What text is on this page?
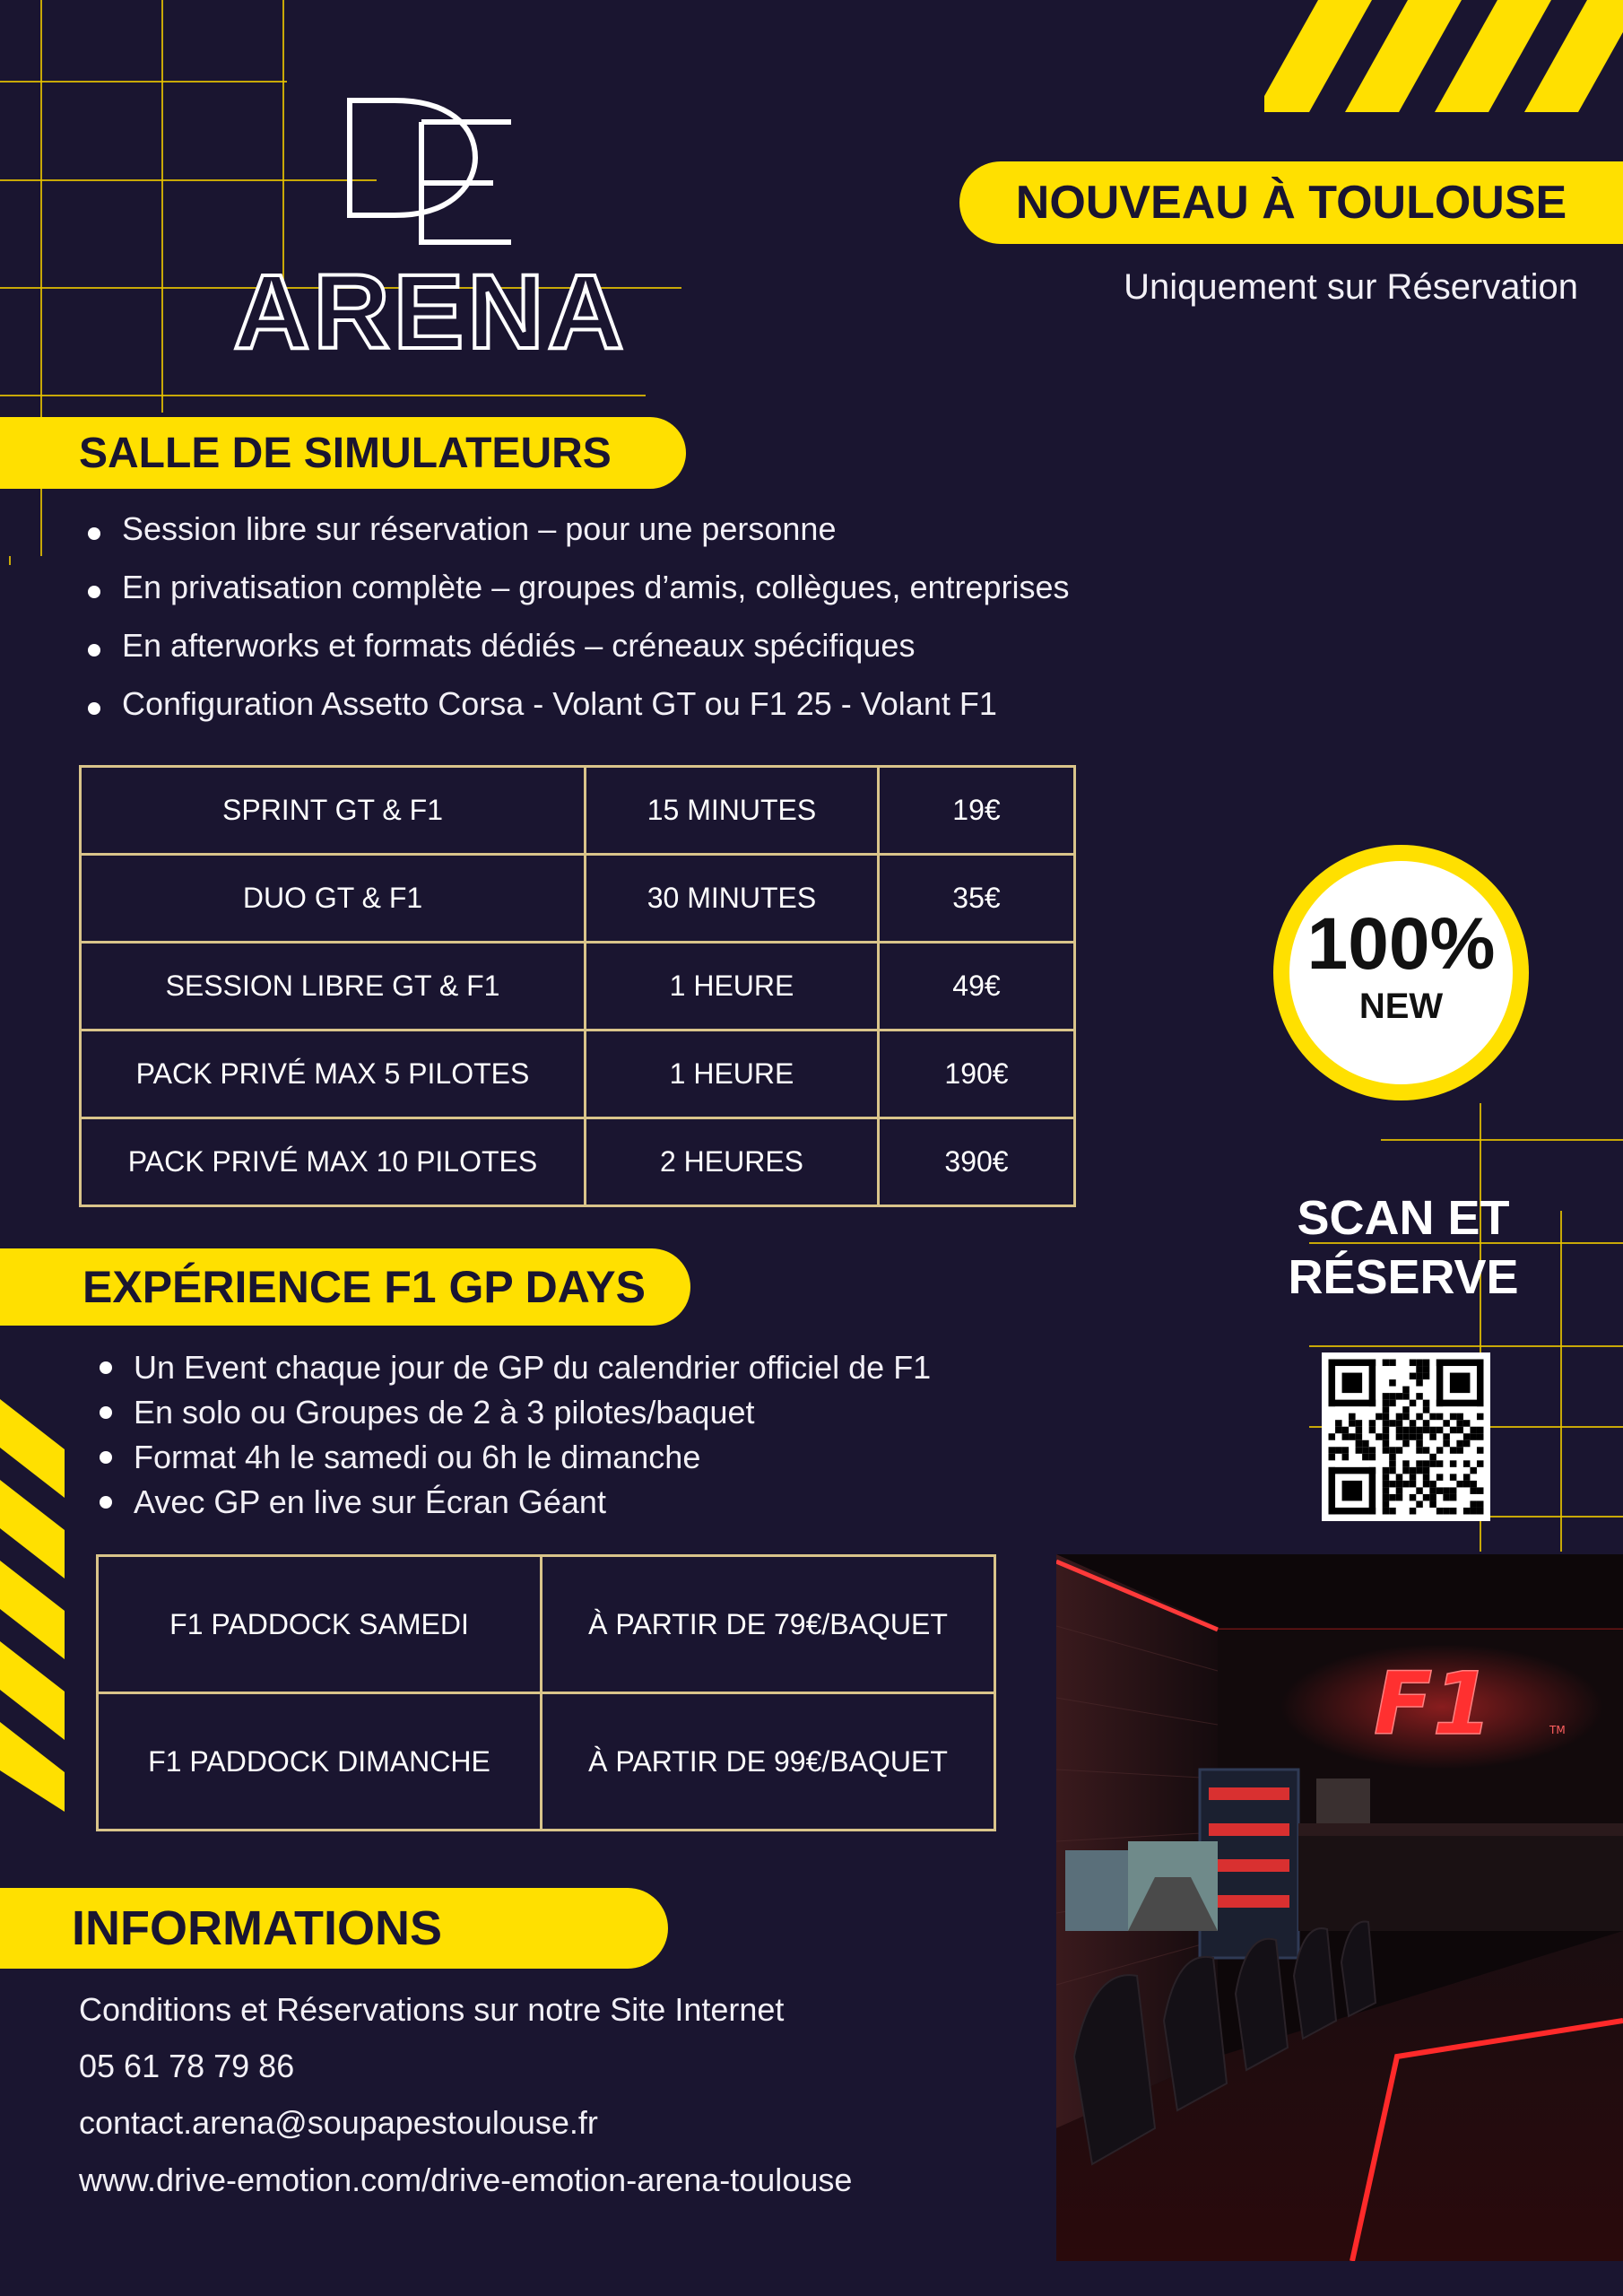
ARENA
NOUVEAU À TOULOUSE
Uniquement sur Réservation
SALLE DE SIMULATEURS
Session libre sur réservation – pour une personne
En privatisation complète – groupes d’amis, collègues, entreprises
En afterworks et formats dédiés – créneaux spécifiques
Configuration Assetto Corsa - Volant GT ou F1 25 - Volant F1
SPRINT GT & F1	15 MINUTES	19€
DUO GT & F1	30 MINUTES	35€
SESSION LIBRE GT & F1	1 HEURE	49€
PACK PRIVÉ MAX 5 PILOTES	1 HEURE	190€
PACK PRIVÉ MAX 10 PILOTES	2 HEURES	390€
100%
NEW
SCAN ET
RÉSERVE
EXPÉRIENCE F1 GP DAYS
Un Event chaque jour de GP du calendrier officiel de F1
En solo ou Groupes de 2 à 3 pilotes/baquet
Format 4h le samedi ou 6h le dimanche
Avec GP en live sur Écran Géant
F1 PADDOCK SAMEDI	À PARTIR DE 79€/BAQUET
F1 PADDOCK DIMANCHE	À PARTIR DE 99€/BAQUET
F1	TM
INFORMATIONS
Conditions et Réservations sur notre Site Internet
05 61 78 79 86
contact.arena@soupapestoulouse.fr
www.drive-emotion.com/drive-emotion-arena-toulouse
